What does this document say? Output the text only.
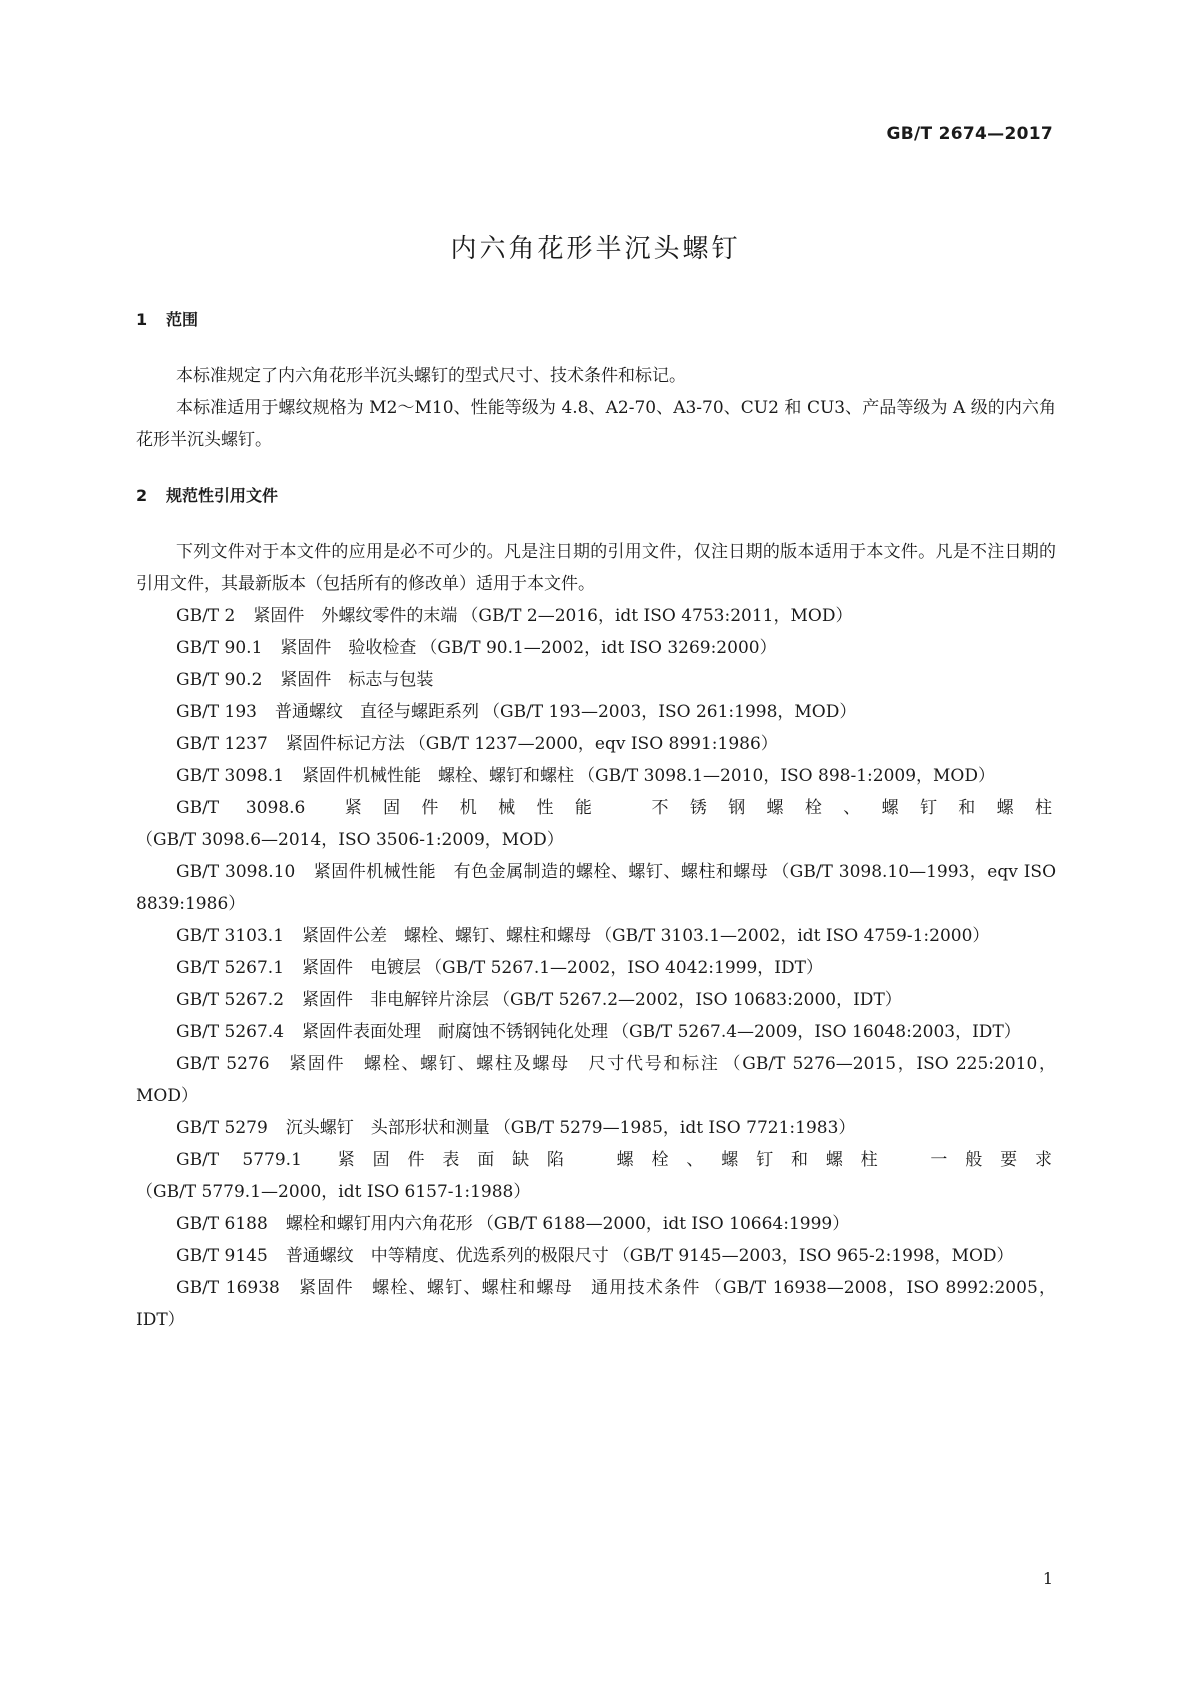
GB/T 2674—2017
内六角花形半沉头螺钉
1 范围

本标准规定了内六角花形半沉头螺钉的型式尺寸、技术条件和标记。

本标准适用于螺纹规格为 M2～M10、性能等级为 4.8、A2-70、A3-70、CU2 和 CU3、产品等级为 A 级的内六角花形半沉头螺钉。

2 规范性引用文件

下列文件对于本文件的应用是必不可少的。凡是注日期的引用文件，仅注日期的版本适用于本文件。凡是不注日期的引用文件，其最新版本（包括所有的修改单）适用于本文件。

GB/T 2 紧固件　外螺纹零件的末端 （GB/T 2—2016，idt ISO 4753:2011，MOD）

GB/T 90.1 紧固件　验收检查 （GB/T 90.1—2002，idt ISO 3269:2000）

GB/T 90.2 紧固件　标志与包装

GB/T 193 普通螺纹　直径与螺距系列 （GB/T 193—2003，ISO 261:1998，MOD）

GB/T 1237 紧固件标记方法 （GB/T 1237—2000，eqv ISO 8991:1986）

GB/T 3098.1 紧固件机械性能　螺栓、螺钉和螺柱 （GB/T 3098.1—2010，ISO 898-1:2009，MOD）

GB/T 3098.6 紧固件机械性能　不锈钢螺栓、螺钉和螺柱（GB/T 3098.6—2014，ISO 3506-1:2009，MOD）

GB/T 3098.10 紧固件机械性能　有色金属制造的螺栓、螺钉、螺柱和螺母 （GB/T 3098.10—1993，eqv ISO 8839:1986）

GB/T 3103.1 紧固件公差　螺栓、螺钉、螺柱和螺母 （GB/T 3103.1—2002，idt ISO 4759-1:2000）

GB/T 5267.1 紧固件　电镀层 （GB/T 5267.1—2002，ISO 4042:1999，IDT）

GB/T 5267.2 紧固件　非电解锌片涂层 （GB/T 5267.2—2002，ISO 10683:2000，IDT）

GB/T 5267.4 紧固件表面处理　耐腐蚀不锈钢钝化处理 （GB/T 5267.4—2009，ISO 16048:2003，IDT）

GB/T 5276 紧固件　螺栓、螺钉、螺柱及螺母　尺寸代号和标注 （GB/T 5276—2015，ISO 225:2010，MOD）

GB/T 5279 沉头螺钉　头部形状和测量 （GB/T 5279—1985，idt ISO 7721:1983）

GB/T 5779.1 紧固件表面缺陷　螺栓、螺钉和螺柱　一般要求（GB/T 5779.1—2000，idt ISO 6157-1:1988）

GB/T 6188 螺栓和螺钉用内六角花形 （GB/T 6188—2000，idt ISO 10664:1999）

GB/T 9145 普通螺纹　中等精度、优选系列的极限尺寸 （GB/T 9145—2003，ISO 965-2:1998，MOD）

GB/T 16938 紧固件　螺栓、螺钉、螺柱和螺母　通用技术条件 （GB/T 16938—2008，ISO 8992:2005，IDT）

1
